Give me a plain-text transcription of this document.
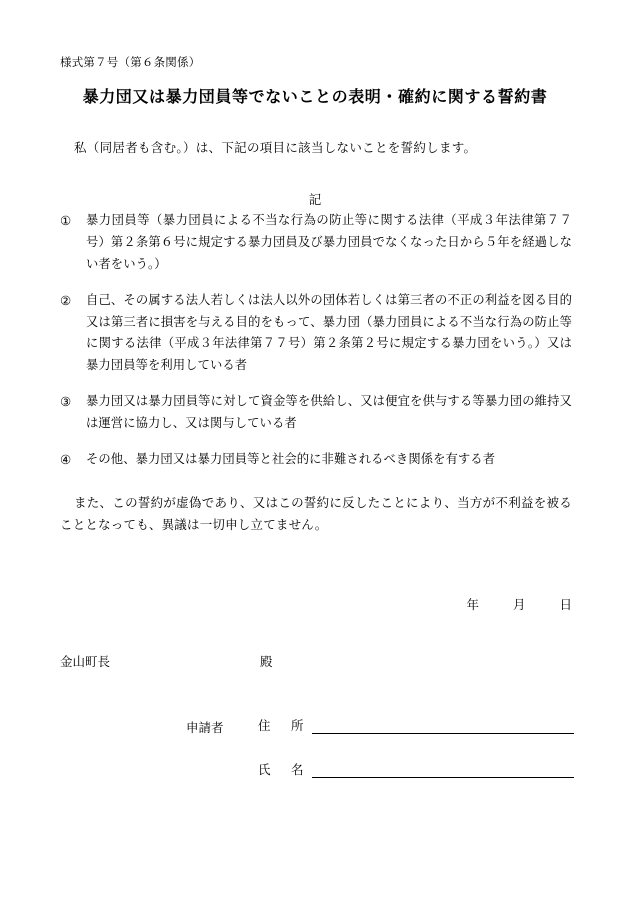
様式第７号（第６条関係）
暴力団又は暴力団員等でないことの表明・確約に関する誓約書
私（同居者も含む。）は、下記の項目に該当しないことを誓約します。
記
①	暴力団員等（暴力団員による不当な行為の防止等に関する法律（平成３年法律第７７号）第２条第６号に規定する暴力団員及び暴力団員でなくなった日から５年を経過しない者をいう。）
②	自己、その属する法人若しくは法人以外の団体若しくは第三者の不正の利益を図る目的又は第三者に損害を与える目的をもって、暴力団（暴力団員による不当な行為の防止等に関する法律（平成３年法律第７７号）第２条第２号に規定する暴力団をいう。）又は暴力団員等を利用している者
③	暴力団又は暴力団員等に対して資金等を供給し、又は便宜を供与する等暴力団の維持又は運営に協力し、又は関与している者
④	その他、暴力団又は暴力団員等と社会的に非難されるべき関係を有する者
また、この誓約が虚偽であり、又はこの誓約に反したことにより、当方が不利益を被ることとなっても、異議は一切申し立てません。
年	月	日
金山町長	殿
申請者	住　所
氏　名
